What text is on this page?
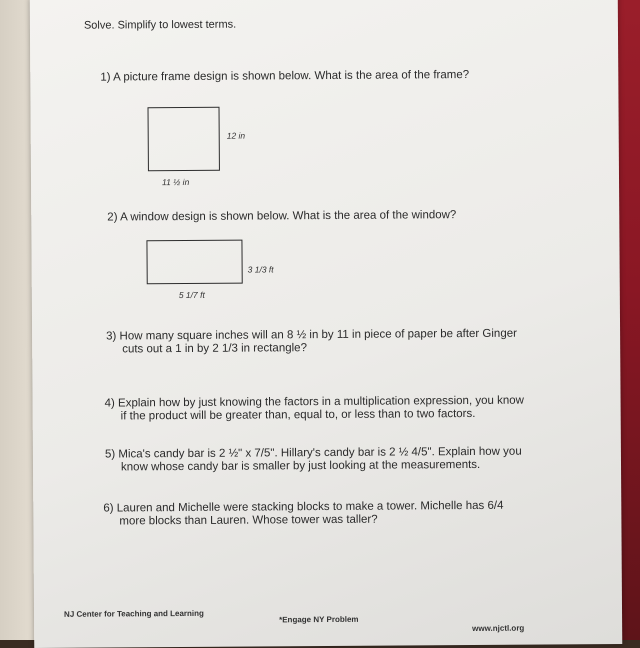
Solve. Simplify to lowest terms.
1) A picture frame design is shown below. What is the area of the frame?
12 in
11 ½ in
2) A window design is shown below. What is the area of the window?
3 1/3 ft
5 1/7 ft
3) How many square inches will an 8 ½ in by 11 in piece of paper be after Ginger
cuts out a 1 in by 2 1/3 in rectangle?
4) Explain how by just knowing the factors in a multiplication expression, you know
if the product will be greater than, equal to, or less than to two factors.
5) Mica's candy bar is 2 ½" x 7/5". Hillary's candy bar is 2 ½ 4/5". Explain how you
know whose candy bar is smaller by just looking at the measurements.
6) Lauren and Michelle were stacking blocks to make a tower. Michelle has 6/4
more blocks than Lauren. Whose tower was taller?
NJ Center for Teaching and Learning
*Engage NY Problem
www.njctl.org
